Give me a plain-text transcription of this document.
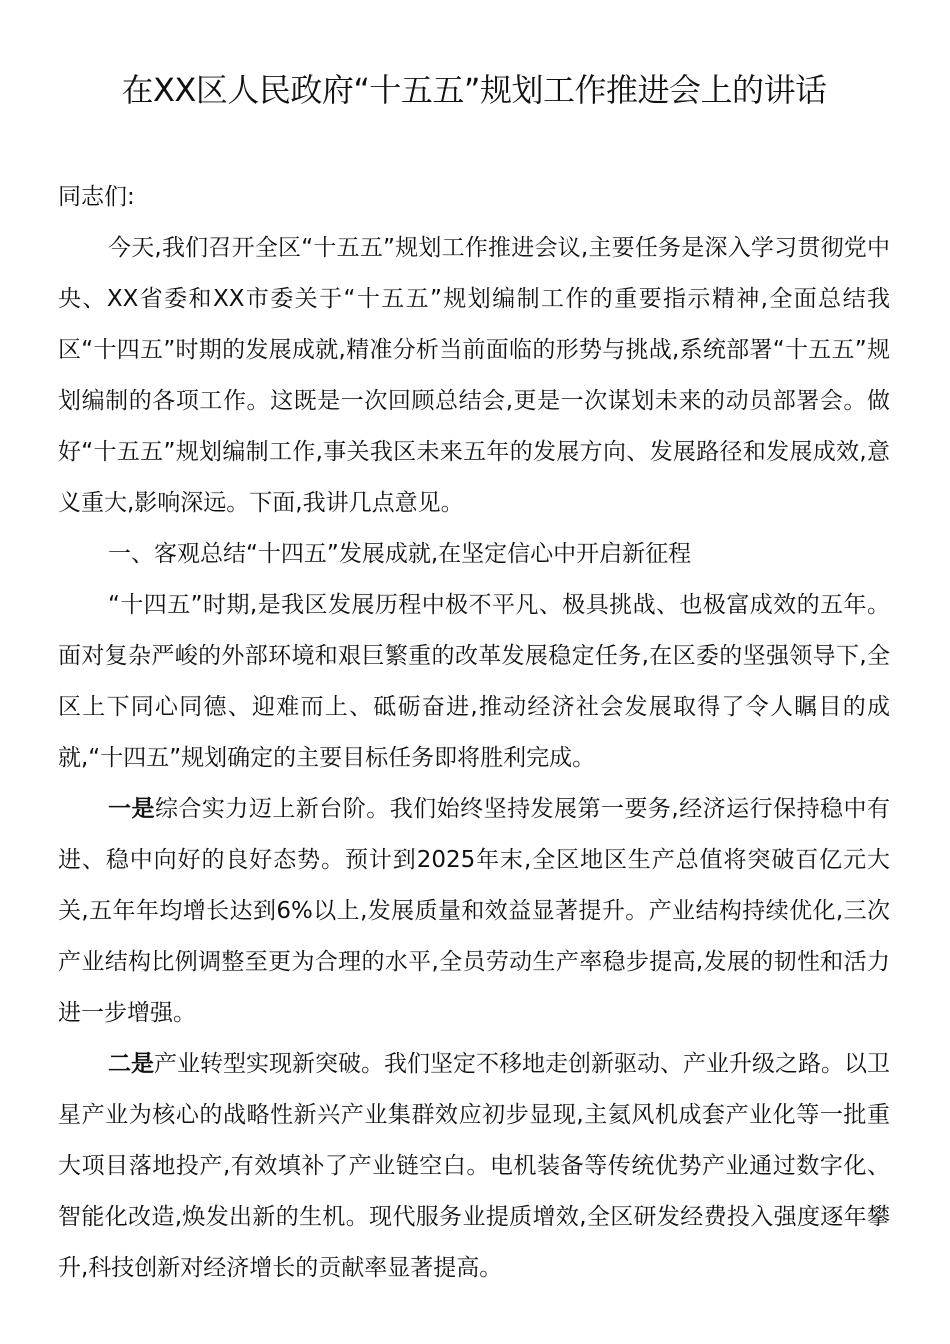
在XX区人民政府“十五五”规划工作推进会上的讲话

同志们:

今天,我们召开全区“十五五”规划工作推进会议,主要任务是深入学习贯彻党中央、XX省委和XX市委关于“十五五”规划编制工作的重要指示精神,全面总结我区“十四五”时期的发展成就,精准分析当前面临的形势与挑战,系统部署“十五五”规划编制的各项工作。这既是一次回顾总结会,更是一次谋划未来的动员部署会。做好“十五五”规划编制工作,事关我区未来五年的发展方向、发展路径和发展成效,意义重大,影响深远。下面,我讲几点意见。

一、客观总结“十四五”发展成就,在坚定信心中开启新征程

“十四五”时期,是我区发展历程中极不平凡、极具挑战、也极富成效的五年。面对复杂严峻的外部环境和艰巨繁重的改革发展稳定任务,在区委的坚强领导下,全区上下同心同德、迎难而上、砥砺奋进,推动经济社会发展取得了令人瞩目的成就,“十四五”规划确定的主要目标任务即将胜利完成。

一是综合实力迈上新台阶。我们始终坚持发展第一要务,经济运行保持稳中有进、稳中向好的良好态势。预计到2025年末,全区地区生产总值将突破百亿元大关,五年年均增长达到6%以上,发展质量和效益显著提升。产业结构持续优化,三次产业结构比例调整至更为合理的水平,全员劳动生产率稳步提高,发展的韧性和活力进一步增强。

二是产业转型实现新突破。我们坚定不移地走创新驱动、产业升级之路。以卫星产业为核心的战略性新兴产业集群效应初步显现,主氦风机成套产业化等一批重大项目落地投产,有效填补了产业链空白。电机装备等传统优势产业通过数字化、智能化改造,焕发出新的生机。现代服务业提质增效,全区研发经费投入强度逐年攀升,科技创新对经济增长的贡献率显著提高。
